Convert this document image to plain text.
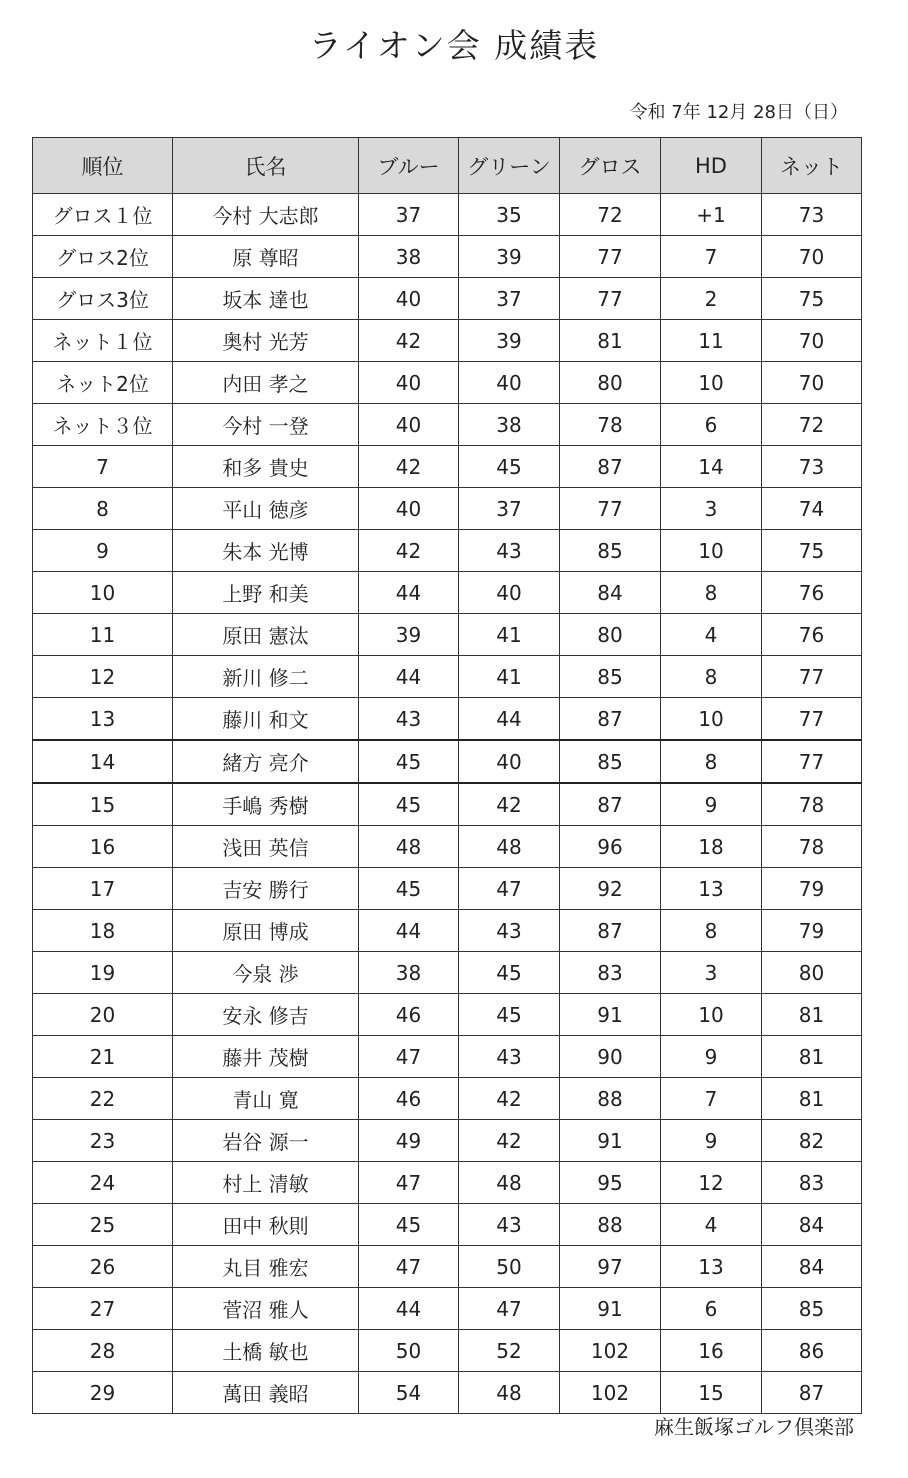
ライオン会 成績表
令和 7年 12月 28日（日）
順位	氏名	ブルー	グリーン	グロス	HD	ネット
グロス１位	今村 大志郎	37	35	72	+1	73
グロス2位	原 尊昭	38	39	77	7	70
グロス3位	坂本 達也	40	37	77	2	75
ネット１位	奥村 光芳	42	39	81	11	70
ネット2位	内田 孝之	40	40	80	10	70
ネット３位	今村 一登	40	38	78	6	72
7	和多 貴史	42	45	87	14	73
8	平山 徳彦	40	37	77	3	74
9	朱本 光博	42	43	85	10	75
10	上野 和美	44	40	84	8	76
11	原田 憲汰	39	41	80	4	76
12	新川 修二	44	41	85	8	77
13	藤川 和文	43	44	87	10	77
14	緒方 亮介	45	40	85	8	77
15	手嶋 秀樹	45	42	87	9	78
16	浅田 英信	48	48	96	18	78
17	吉安 勝行	45	47	92	13	79
18	原田 博成	44	43	87	8	79
19	今泉 渉	38	45	83	3	80
20	安永 修吉	46	45	91	10	81
21	藤井 茂樹	47	43	90	9	81
22	青山 寛	46	42	88	7	81
23	岩谷 源一	49	42	91	9	82
24	村上 清敏	47	48	95	12	83
25	田中 秋則	45	43	88	4	84
26	丸目 雅宏	47	50	97	13	84
27	菅沼 雅人	44	47	91	6	85
28	土橋 敏也	50	52	102	16	86
29	萬田 義昭	54	48	102	15	87
麻生飯塚ゴルフ倶楽部
